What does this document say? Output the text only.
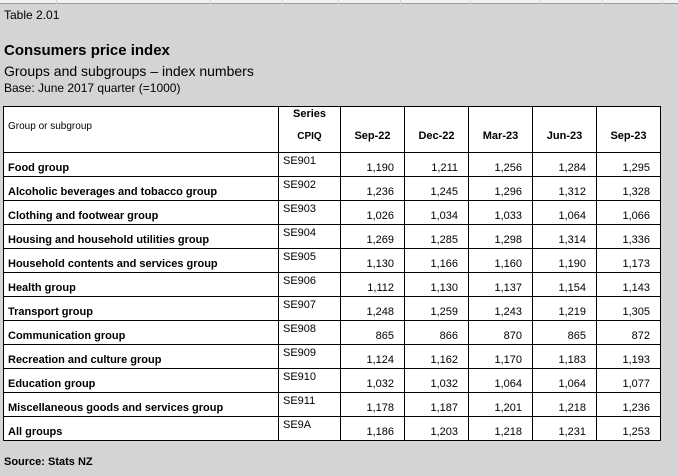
Table 2.01
Consumers price index
Groups and subgroups – index numbers
Base: June 2017 quarter (=1000)
	Series					
Group or subgroup	CPIQ	Sep-22	Dec-22	Mar-23	Jun-23	Sep-23
Food group	SE901	1,190	1,211	1,256	1,284	1,295
Alcoholic beverages and tobacco group	SE902	1,236	1,245	1,296	1,312	1,328
Clothing and footwear group	SE903	1,026	1,034	1,033	1,064	1,066
Housing and household utilities group	SE904	1,269	1,285	1,298	1,314	1,336
Household contents and services group	SE905	1,130	1,166	1,160	1,190	1,173
Health group	SE906	1,112	1,130	1,137	1,154	1,143
Transport group	SE907	1,248	1,259	1,243	1,219	1,305
Communication group	SE908	865	866	870	865	872
Recreation and culture group	SE909	1,124	1,162	1,170	1,183	1,193
Education group	SE910	1,032	1,032	1,064	1,064	1,077
Miscellaneous goods and services group	SE911	1,178	1,187	1,201	1,218	1,236
All groups	SE9A	1,186	1,203	1,218	1,231	1,253
Source: Stats NZ
